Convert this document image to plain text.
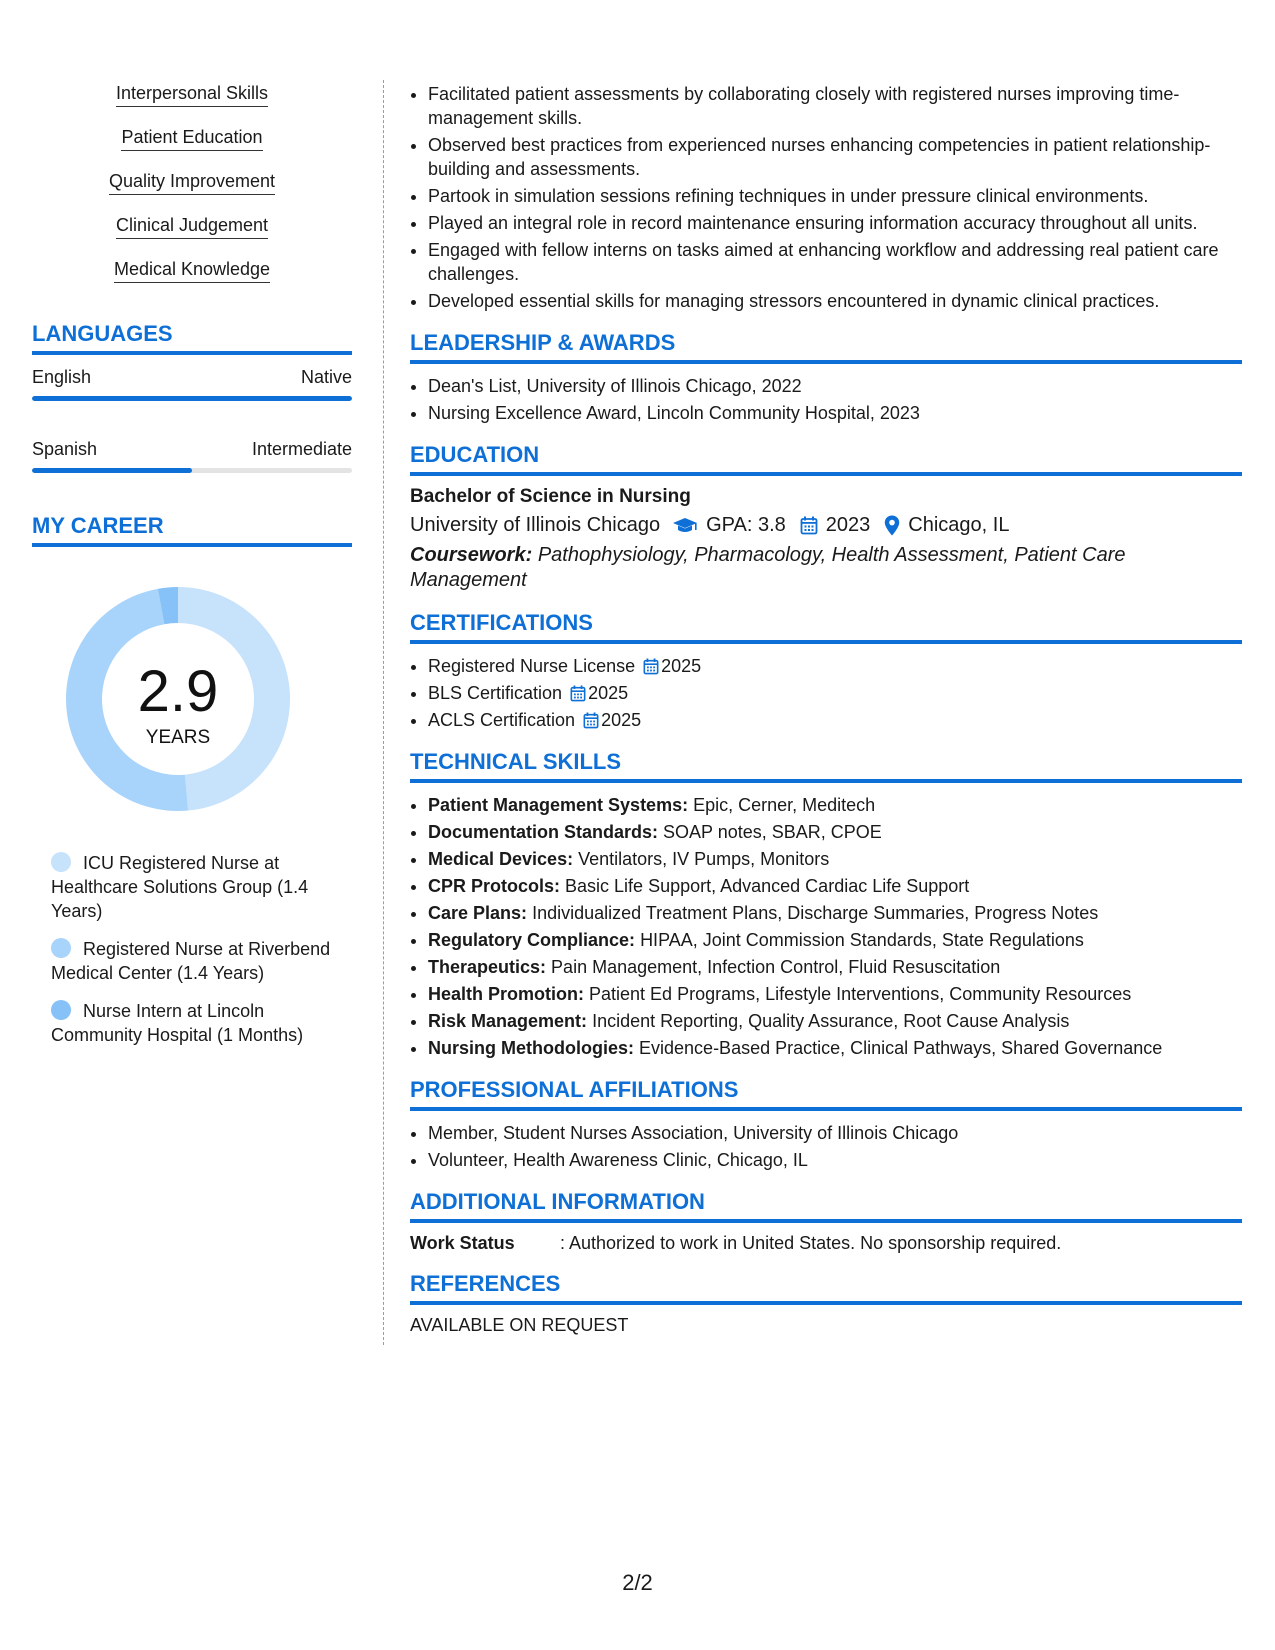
Interpersonal Skills
Patient Education
Quality Improvement
Clinical Judgement
Medical Knowledge
LANGUAGES
English	Native
Spanish	Intermediate
MY CAREER
2.9
YEARS
ICU Registered Nurse at Healthcare Solutions Group (1.4 Years)
Registered Nurse at Riverbend Medical Center (1.4 Years)
Nurse Intern at Lincoln Community Hospital (1 Months)
• Facilitated patient assessments by collaborating closely with registered nurses improving time-management skills.
• Observed best practices from experienced nurses enhancing competencies in patient relationship-building and assessments.
• Partook in simulation sessions refining techniques in under pressure clinical environments.
• Played an integral role in record maintenance ensuring information accuracy throughout all units.
• Engaged with fellow interns on tasks aimed at enhancing workflow and addressing real patient care challenges.
• Developed essential skills for managing stressors encountered in dynamic clinical practices.
LEADERSHIP & AWARDS
• Dean's List, University of Illinois Chicago, 2022
• Nursing Excellence Award, Lincoln Community Hospital, 2023
EDUCATION
Bachelor of Science in Nursing
University of Illinois Chicago GPA: 3.8 2023 Chicago, IL
Coursework: Pathophysiology, Pharmacology, Health Assessment, Patient Care Management
CERTIFICATIONS
• Registered Nurse License 2025
• BLS Certification 2025
• ACLS Certification 2025
TECHNICAL SKILLS
• Patient Management Systems: Epic, Cerner, Meditech
• Documentation Standards: SOAP notes, SBAR, CPOE
• Medical Devices: Ventilators, IV Pumps, Monitors
• CPR Protocols: Basic Life Support, Advanced Cardiac Life Support
• Care Plans: Individualized Treatment Plans, Discharge Summaries, Progress Notes
• Regulatory Compliance: HIPAA, Joint Commission Standards, State Regulations
• Therapeutics: Pain Management, Infection Control, Fluid Resuscitation
• Health Promotion: Patient Ed Programs, Lifestyle Interventions, Community Resources
• Risk Management: Incident Reporting, Quality Assurance, Root Cause Analysis
• Nursing Methodologies: Evidence-Based Practice, Clinical Pathways, Shared Governance
PROFESSIONAL AFFILIATIONS
• Member, Student Nurses Association, University of Illinois Chicago
• Volunteer, Health Awareness Clinic, Chicago, IL
ADDITIONAL INFORMATION
Work Status	: Authorized to work in United States. No sponsorship required.
REFERENCES
AVAILABLE ON REQUEST
2/2
